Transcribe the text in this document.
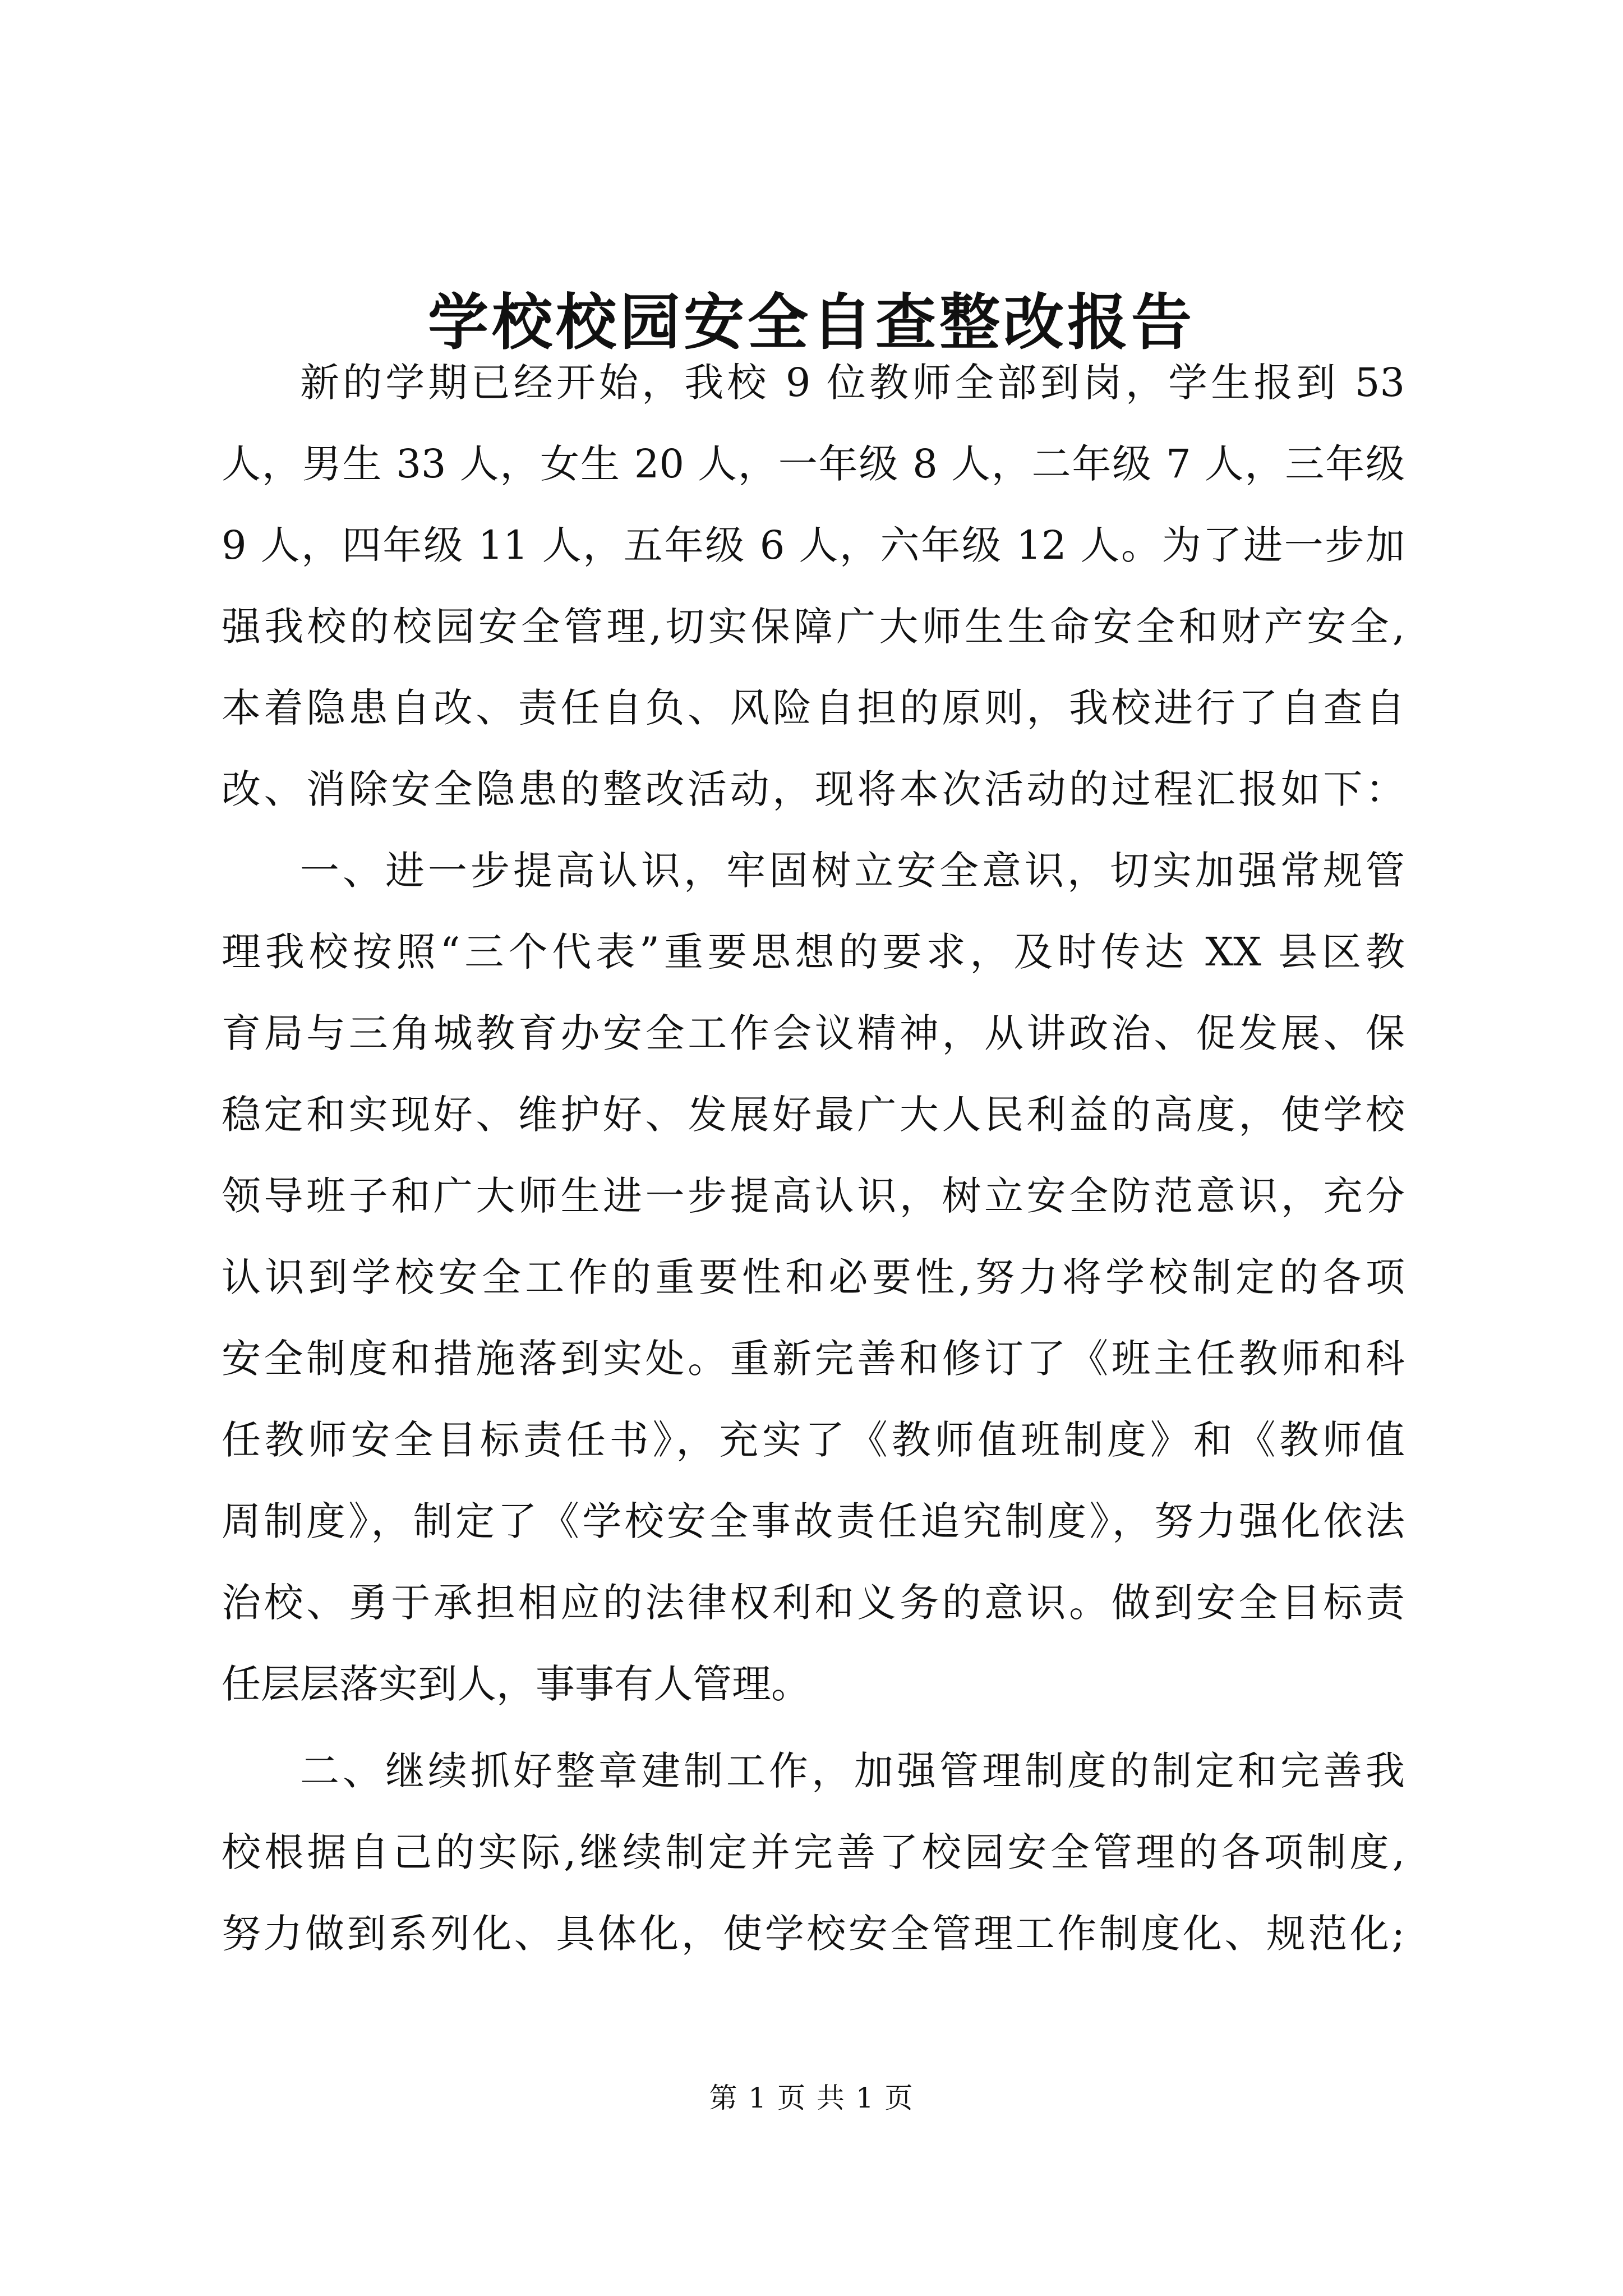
学校校园安全自查整改报告
新的学期已经开始，我校 9 位教师全部到岗，学生报到 53
人，男生 33 人，女生 20 人，一年级 8 人，二年级 7 人，三年级
9 人，四年级 11 人，五年级 6 人，六年级 12 人。为了进一步加
强我校的校园安全管理,切实保障广大师生生命安全和财产安全,
本着隐患自改、责任自负、风险自担的原则，我校进行了自查自
改、消除安全隐患的整改活动，现将本次活动的过程汇报如下：
一、进一步提高认识，牢固树立安全意识，切实加强常规管
理我校按照“三个代表”重要思想的要求，及时传达 XX 县区教
育局与三角城教育办安全工作会议精神，从讲政治、促发展、保
稳定和实现好、维护好、发展好最广大人民利益的高度，使学校
领导班子和广大师生进一步提高认识，树立安全防范意识，充分
认识到学校安全工作的重要性和必要性,努力将学校制定的各项
安全制度和措施落到实处。重新完善和修订了《班主任教师和科
任教师安全目标责任书》，充实了《教师值班制度》和《教师值
周制度》，制定了《学校安全事故责任追究制度》，努力强化依法
治校、勇于承担相应的法律权利和义务的意识。做到安全目标责
任层层落实到人，事事有人管理。
二、继续抓好整章建制工作，加强管理制度的制定和完善我
校根据自己的实际,继续制定并完善了校园安全管理的各项制度,
努力做到系列化、具体化，使学校安全管理工作制度化、规范化;
第 1 页 共 1 页
